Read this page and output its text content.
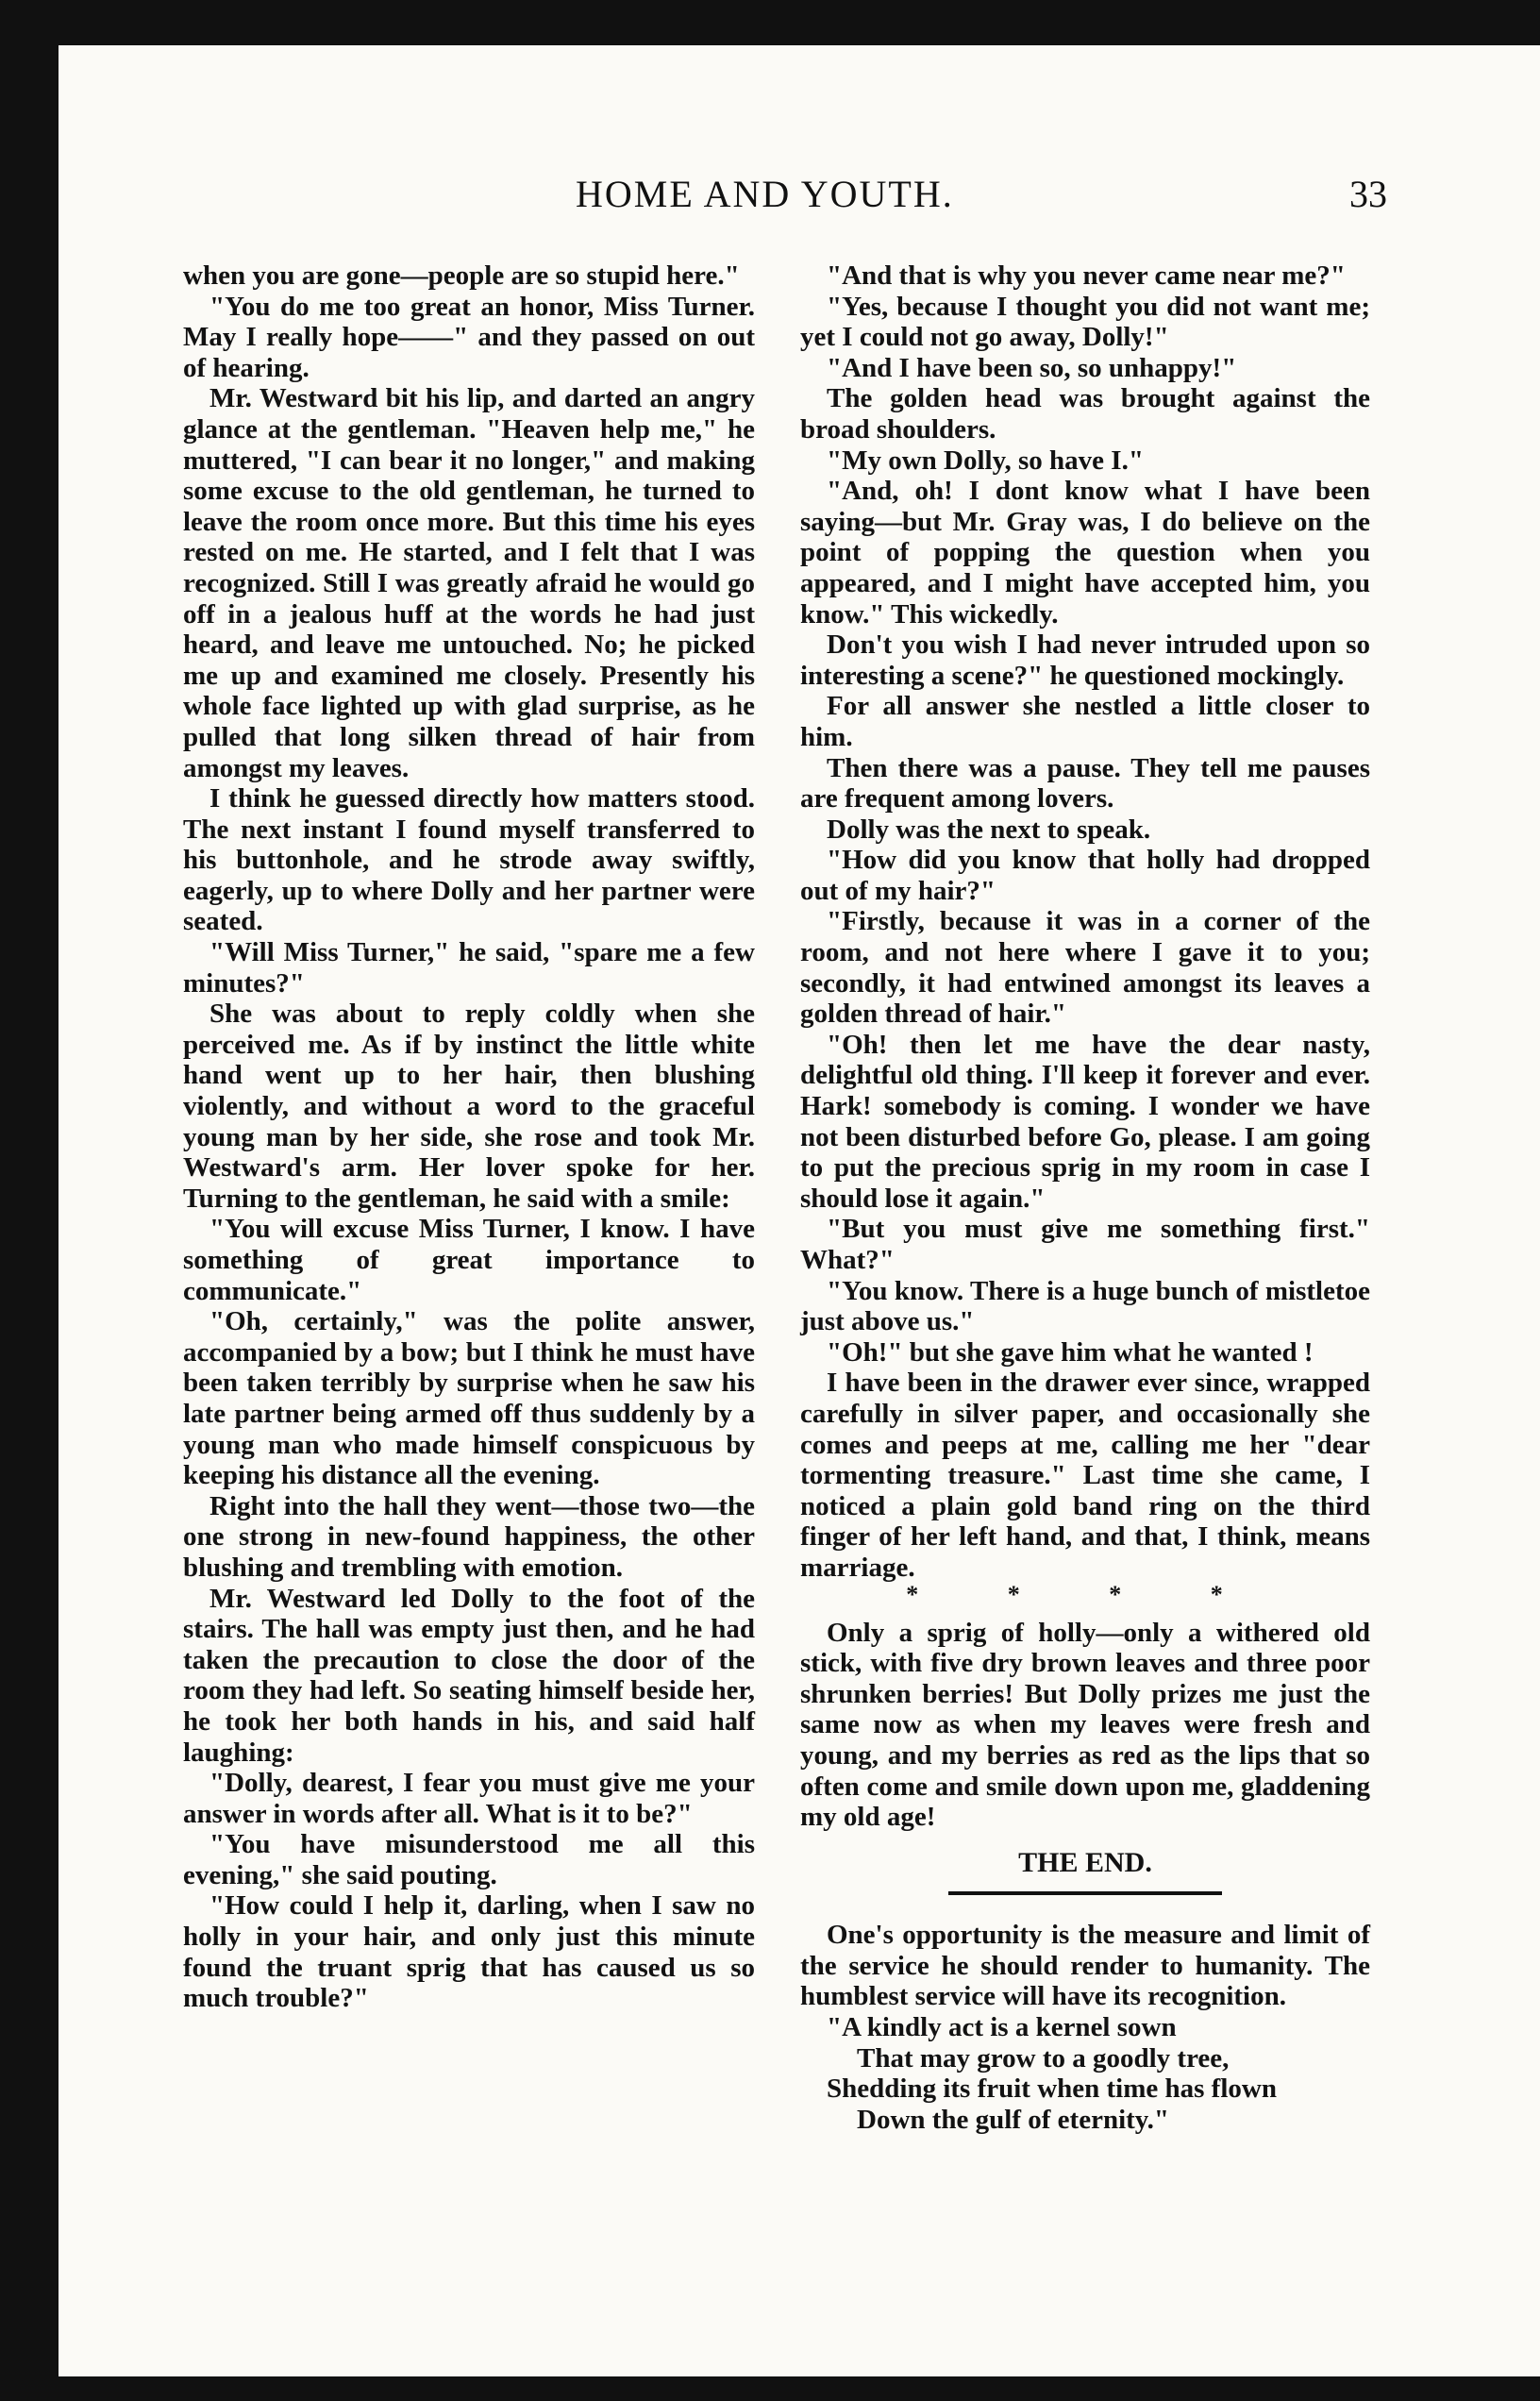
HOME AND YOUTH.	33

when you are gone—people are so stupid here."

"You do me too great an honor, Miss Turner. May I really hope——" and they passed on out of hearing.

Mr. Westward bit his lip, and darted an angry glance at the gentleman. "Heaven help me," he muttered, "I can bear it no longer," and making some excuse to the old gentleman, he turned to leave the room once more. But this time his eyes rested on me. He started, and I felt that I was recognized. Still I was greatly afraid he would go off in a jealous huff at the words he had just heard, and leave me untouched. No; he picked me up and examined me closely. Presently his whole face lighted up with glad surprise, as he pulled that long silken thread of hair from amongst my leaves.

I think he guessed directly how matters stood. The next instant I found myself transferred to his buttonhole, and he strode away swiftly, eagerly, up to where Dolly and her partner were seated.

"Will Miss Turner," he said, "spare me a few minutes?"

She was about to reply coldly when she perceived me. As if by instinct the little white hand went up to her hair, then blushing violently, and without a word to the graceful young man by her side, she rose and took Mr. Westward's arm. Her lover spoke for her. Turning to the gentleman, he said with a smile:

"You will excuse Miss Turner, I know. I have something of great importance to communicate."

"Oh, certainly," was the polite answer, accompanied by a bow; but I think he must have been taken terribly by surprise when he saw his late partner being armed off thus suddenly by a young man who made himself conspicuous by keeping his distance all the evening.

Right into the hall they went—those two—the one strong in new-found happiness, the other blushing and trembling with emotion.

Mr. Westward led Dolly to the foot of the stairs. The hall was empty just then, and he had taken the precaution to close the door of the room they had left. So seating himself beside her, he took her both hands in his, and said half laughing:

"Dolly, dearest, I fear you must give me your answer in words after all. What is it to be?"

"You have misunderstood me all this evening," she said pouting.

"How could I help it, darling, when I saw no holly in your hair, and only just this minute found the truant sprig that has caused us so much trouble?"

"And that is why you never came near me?"

"Yes, because I thought you did not want me; yet I could not go away, Dolly!"

"And I have been so, so unhappy!"

The golden head was brought against the broad shoulders.

"My own Dolly, so have I."

"And, oh! I dont know what I have been saying—but Mr. Gray was, I do believe on the point of popping the question when you appeared, and I might have accepted him, you know." This wickedly.

Don't you wish I had never intruded upon so interesting a scene?" he questioned mockingly.

For all answer she nestled a little closer to him.

Then there was a pause. They tell me pauses are frequent among lovers.

Dolly was the next to speak.

"How did you know that holly had dropped out of my hair?"

"Firstly, because it was in a corner of the room, and not here where I gave it to you; secondly, it had entwined amongst its leaves a golden thread of hair."

"Oh! then let me have the dear nasty, delightful old thing. I'll keep it forever and ever. Hark! somebody is coming. I wonder we have not been disturbed before Go, please. I am going to put the precious sprig in my room in case I should lose it again."

"But you must give me something first." What?"

"You know. There is a huge bunch of mistletoe just above us."

"Oh!" but she gave him what he wanted !

I have been in the drawer ever since, wrapped carefully in silver paper, and occasionally she comes and peeps at me, calling me her "dear tormenting treasure." Last time she came, I noticed a plain gold band ring on the third finger of her left hand, and that, I think, means marriage.

* * * *

Only a sprig of holly—only a withered old stick, with five dry brown leaves and three poor shrunken berries! But Dolly prizes me just the same now as when my leaves were fresh and young, and my berries as red as the lips that so often come and smile down upon me, gladdening my old age!

THE END.

One's opportunity is the measure and limit of the service he should render to humanity. The humblest service will have its recognition.

"A kindly act is a kernel sown
That may grow to a goodly tree,
Shedding its fruit when time has flown
Down the gulf of eternity."
